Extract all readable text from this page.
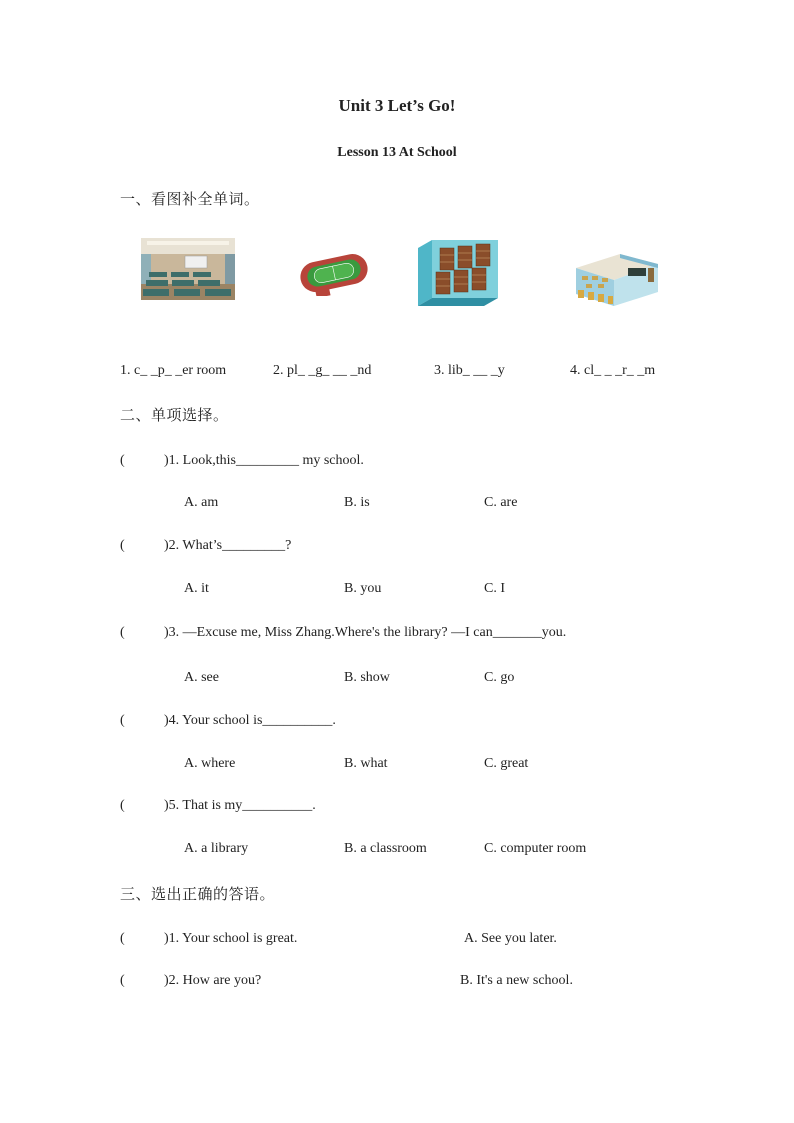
Unit 3 Let’s Go!
Lesson 13 At School
一、看图补全单词。
1. c_ _p_ _er room	2. pl_ _g_ __ _nd	3. lib_ __ _y	4. cl_ _ _r_ _m
二、单项选择。
(	)1. Look,this_________ my school.
A. am	B. is	C. are
(	)2. What’s_________?
A. it	B. you	C. I
(	)3. —Excuse me, Miss Zhang.Where's the library? —I can_______you.
A. see	B. show	C. go
(	)4. Your school is__________.
A. where	B. what	C. great
(	)5. That is my__________.
A. a library	B. a classroom	C. computer room
三、选出正确的答语。
(	)1. Your school is great.	A. See you later.
(	)2. How are you?	B. It's a new school.
